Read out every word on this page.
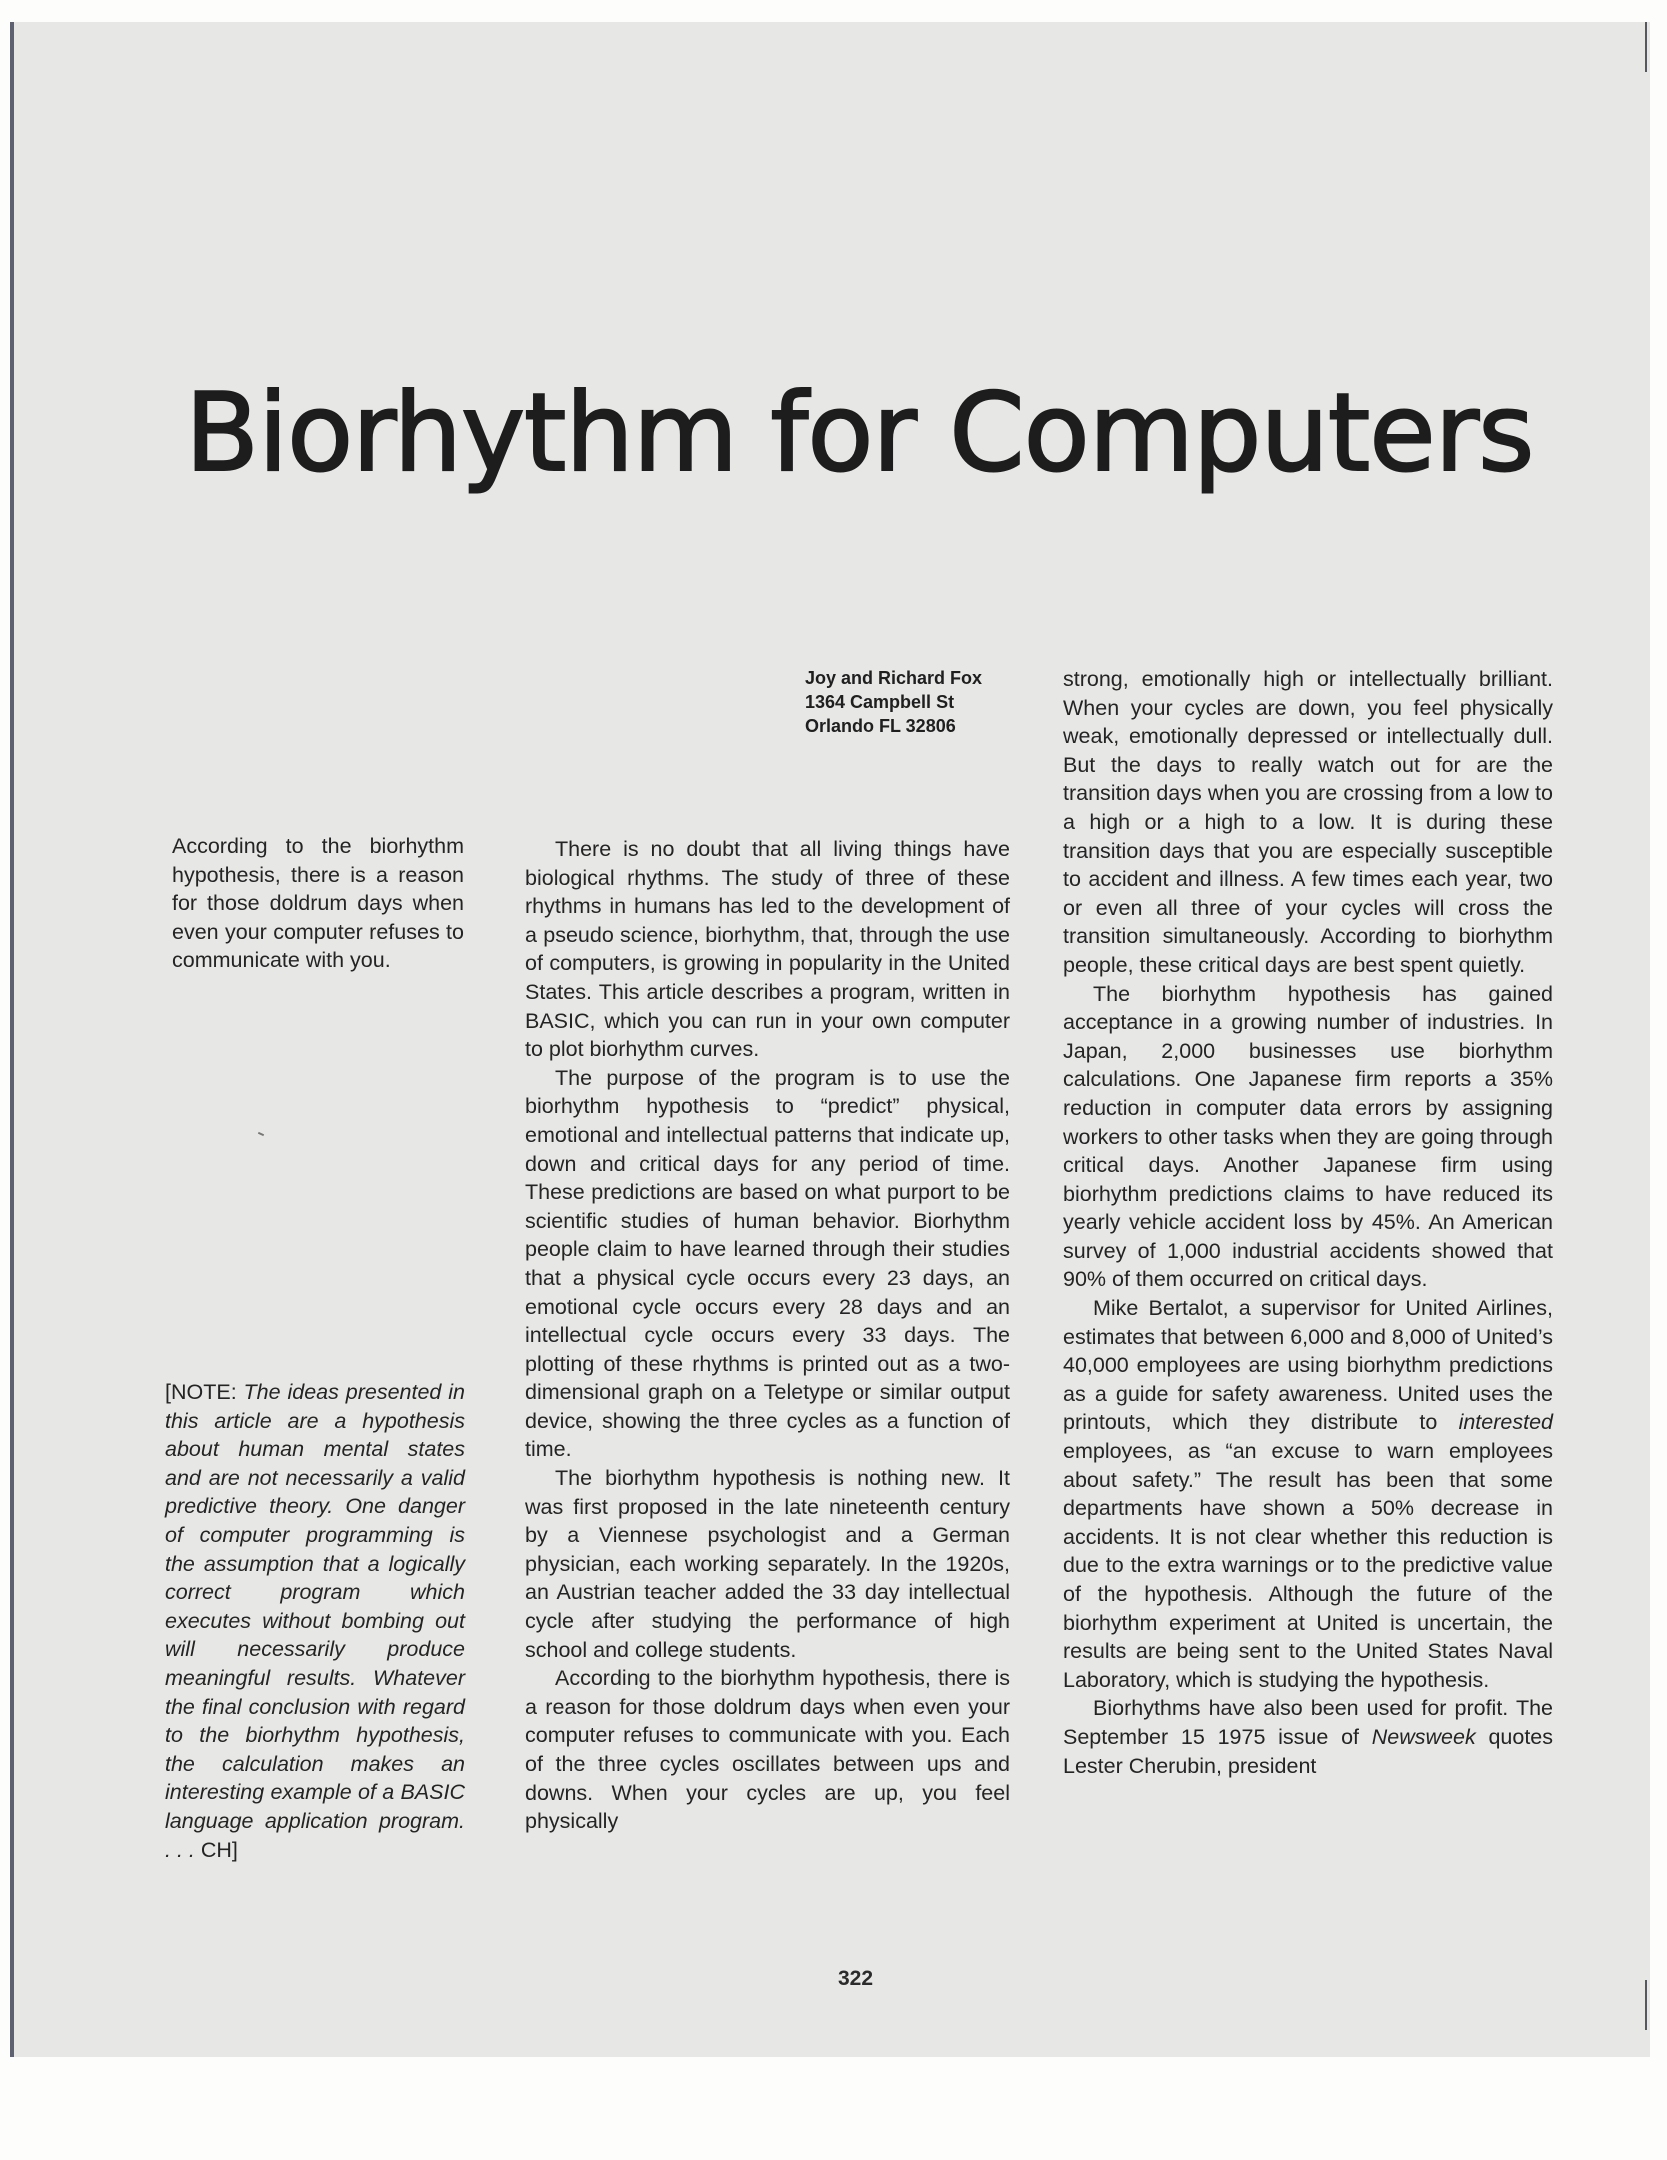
Biorhythm for Computers
Joy and Richard Fox
1364 Campbell St
Orlando FL 32806

According to the biorhythm hypothesis, there is a reason for those doldrum days when even your computer refuses to communicate with you.

[NOTE: The ideas presented in this article are a hypothesis about human mental states and are not necessarily a valid predictive theory. One danger of computer programming is the assumption that a logically correct program which executes without bombing out will necessarily produce meaningful results. Whatever the final conclusion with regard to the biorhythm hypothesis, the calculation makes an interesting example of a BASIC language application program. . . . CH]

There is no doubt that all living things have biological rhythms. The study of three of these rhythms in humans has led to the development of a pseudo science, biorhythm, that, through the use of computers, is growing in popularity in the United States. This article describes a program, written in BASIC, which you can run in your own computer to plot biorhythm curves.

The purpose of the program is to use the biorhythm hypothesis to “predict” physical, emotional and intellectual patterns that indicate up, down and critical days for any period of time. These predictions are based on what purport to be scientific studies of human behavior. Biorhythm people claim to have learned through their studies that a physical cycle occurs every 23 days, an emotional cycle occurs every 28 days and an intellectual cycle occurs every 33 days. The plotting of these rhythms is printed out as a two-dimensional graph on a Teletype or similar output device, showing the three cycles as a function of time.

The biorhythm hypothesis is nothing new. It was first proposed in the late nineteenth century by a Viennese psychologist and a German physician, each working separately. In the 1920s, an Austrian teacher added the 33 day intellectual cycle after studying the performance of high school and college students.

According to the biorhythm hypothesis, there is a reason for those doldrum days when even your computer refuses to communicate with you. Each of the three cycles oscillates between ups and downs. When your cycles are up, you feel physically

strong, emotionally high or intellectually brilliant. When your cycles are down, you feel physically weak, emotionally depressed or intellectually dull. But the days to really watch out for are the transition days when you are crossing from a low to a high or a high to a low. It is during these transition days that you are especially susceptible to accident and illness. A few times each year, two or even all three of your cycles will cross the transition simultaneously. According to biorhythm people, these critical days are best spent quietly.

The biorhythm hypothesis has gained acceptance in a growing number of industries. In Japan, 2,000 businesses use biorhythm calculations. One Japanese firm reports a 35% reduction in computer data errors by assigning workers to other tasks when they are going through critical days. Another Japanese firm using biorhythm predictions claims to have reduced its yearly vehicle accident loss by 45%. An American survey of 1,000 industrial accidents showed that 90% of them occurred on critical days.

Mike Bertalot, a supervisor for United Airlines, estimates that between 6,000 and 8,000 of United’s 40,000 employees are using biorhythm predictions as a guide for safety awareness. United uses the printouts, which they distribute to interested employees, as “an excuse to warn employees about safety.” The result has been that some departments have shown a 50% decrease in accidents. It is not clear whether this reduction is due to the extra warnings or to the predictive value of the hypothesis. Although the future of the biorhythm experiment at United is uncertain, the results are being sent to the United States Naval Laboratory, which is studying the hypothesis.

Biorhythms have also been used for profit. The September 15 1975 issue of Newsweek quotes Lester Cherubin, president

322
